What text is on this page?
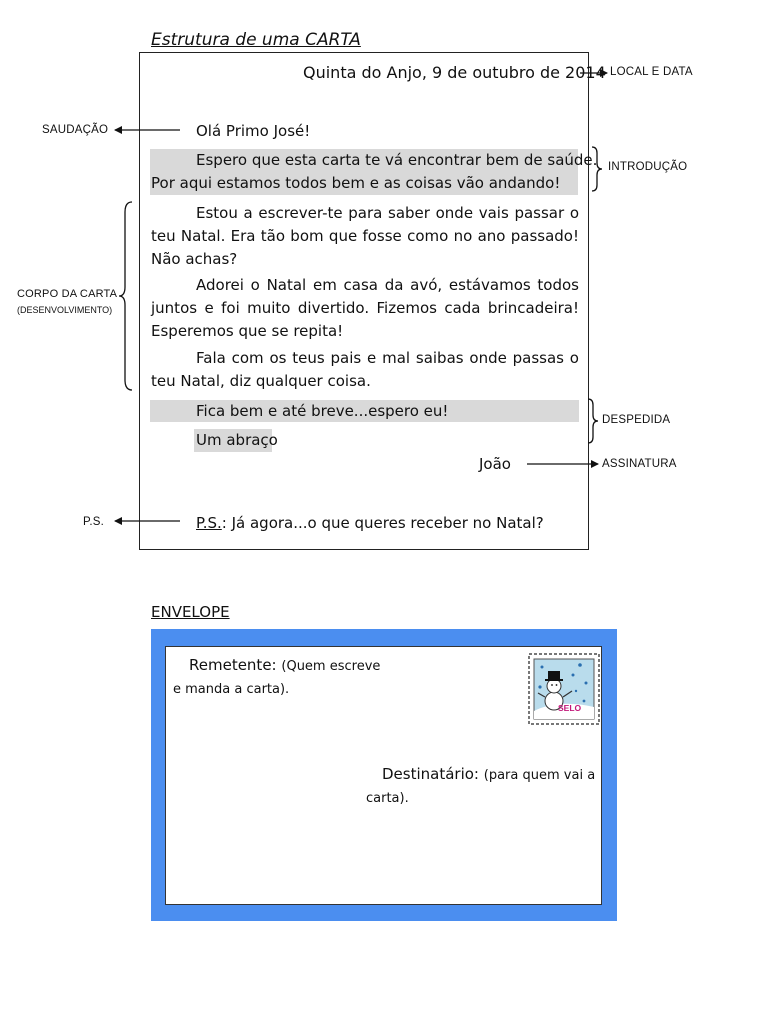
Estrutura de uma CARTA
Quinta do Anjo, 9 de outubro de 2014
Olá Primo José!
Espero que esta carta te vá encontrar bem de saúde.
Por aqui estamos todos bem e as coisas vão andando!
Estou a escrever-te para saber onde vais passar o teu Natal. Era tão bom que fosse como no ano passado! Não achas?
Adorei o Natal em casa da avó, estávamos todos juntos e foi muito divertido. Fizemos cada brincadeira! Esperemos que se repita!
Fala com os teus pais e mal saibas onde passas o teu Natal, diz qualquer coisa.
Fica bem e até breve...espero eu!
Um abraço
João
P.S.: Já agora...o que queres receber no Natal?
LOCAL E DATA
SAUDAÇÃO
INTRODUÇÃO
CORPO DA CARTA
(DESENVOLVIMENTO)
DESPEDIDA
ASSINATURA
P.S.
ENVELOPE
Remetente: (Quem escreve
e manda a carta).
Destinatário: (para quem vai a
carta).
SELO
